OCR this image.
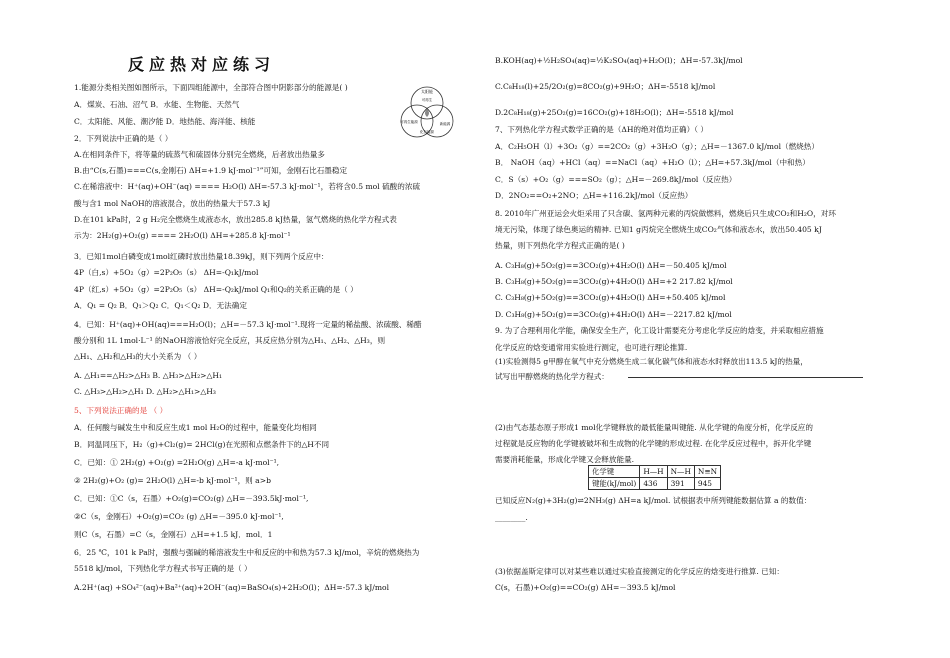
反应热对应练习
太阳能
可再生
可再生能源	新能源
化石能源
1.能源分类相关图如图所示，下面四组能源中，全部符合图中阴影部分的能源是( )
A．煤炭、石油、沼气 B．水能、生物能、天然气
C．太阳能、风能、潮汐能 D．地热能、海洋能、核能
2．下列说法中正确的是（ ）
A.在相同条件下，将等量的硫蒸气和硫固体分别完全燃烧，后者放出热量多
B.由“C(s,石墨)===C(s,金刚石) ΔH=+1.9 kJ·mol⁻¹”可知，金刚石比石墨稳定
C.在稀溶液中：H⁺(aq)+OH⁻(aq) ==== H₂O(l) ΔH=-57.3 kJ·mol⁻¹，若将含0.5 mol 硫酸的浓硫
酸与含1 mol NaOH的溶液混合，放出的热量大于57.3 kJ
D.在101 kPa时，2 g H₂完全燃烧生成液态水，放出285.8 kJ热量，氢气燃烧的热化学方程式表
示为：2H₂(g)+O₂(g) ==== 2H₂O(l) ΔH=+285.8 kJ·mol⁻¹
3．已知1mol白磷变成1mol红磷时放出热量18.39kJ，则下列两个反应中：
4P（白,s）+5O₂（g）=2P₂O₅（s） ΔH=-Q₁kJ/mol
4P（红,s）+5O₂（g）=2P₂O₅（s） ΔH=-Q₂kJ/mol Q₁和Q₂的关系正确的是（ ）
A．Q₁ = Q₂ B．Q₁＞Q₂ C．Q₁＜Q₂ D．无法确定
4．已知：H⁺(aq)+OH(aq)===H₂O(l)；△H=－57.3 kJ·mol⁻¹.现将一定量的稀盐酸、浓硫酸、稀醋
酸分别和 1L 1mol·L⁻¹ 的NaOH溶液恰好完全反应，其反应热分别为△H₁、△H₂、△H₃，则
△H₁、△H₂和△H₃的大小关系为 （ ）
A. △H₁==△H₂>△H₃ B. △H₃>△H₂>△H₁
C. △H₃>△H₂>△H₁ D. △H₂>△H₁>△H₃
5、下列说法正确的是 （ ）
A．任何酸与碱发生中和反应生成1 mol H₂O的过程中，能量变化均相同
B．同温同压下，H₂（g)+Cl₂(g)= 2HCl(g)在光照和点燃条件下的△H不同
C．已知：① 2H₂(g) +O₂(g) =2H₂O(g) △H=-a kJ·mol⁻¹,
② 2H₂(g)+O₂ (g)= 2H₂O(l) △H=-b kJ·mol⁻¹，则 a>b
C．已知：①C（s，石墨）+O₂(g)=CO₂(g) △H=－393.5kJ·mol⁻¹,
②C（s，金刚石）+O₂(g)=CO₂ (g) △H=－395.0 kJ·mol⁻¹,
则C（s，石墨）=C（s，金刚石）△H=+1.5 kJ．mol．1
6．25 ℃，101 k Pa时，强酸与强碱的稀溶液发生中和反应的中和热为57.3 kJ/mol，辛烷的燃烧热为
5518 kJ/mol，下列热化学方程式书写正确的是（ ）
A.2H⁺(aq) +SO₄²⁻(aq)+Ba²⁺(aq)+2OH⁻(aq)=BaSO₄(s)+2H₂O(l)；ΔH=-57.3 kJ/mol
B.KOH(aq)+½H₂SO₄(aq)=½K₂SO₄(aq)+H₂O(l)；ΔH=-57.3kJ/mol
C.C₈H₁₈(l)+25/2O₂(g)=8CO₂(g)+9H₂O；ΔH=-5518 kJ/mol
D.2C₈H₁₈(g)+25O₂(g)=16CO₂(g)+18H₂O(l)；ΔH=-5518 kJ/mol
7、下列热化学方程式数学正确的是（ΔH的绝对值均正确）（ ）
A．C₂H₅OH（l）+3O₂（g）==2CO₂（g）+3H₂O（g）；△H=－1367.0 kJ/mol（燃烧热）
B． NaOH（aq）+HCl（aq）==NaCl（aq）+H₂O（l）；△H=+57.3kJ/mol（中和热）
C．S（s）+O₂（g）===SO₂（g）；△H=－269.8kJ/mol（反应热）
D．2NO₂==O₂+2NO；△H=+116.2kJ/mol（反应热）
8. 2010年广州亚运会火炬采用了只含碳、氢两种元素的丙烷做燃料，燃烧后只生成CO₂和H₂O，对环
境无污染，体现了绿色奥运的精神. 已知1 g丙烷完全燃烧生成CO₂气体和液态水，放出50.405 kJ
热量，则下列热化学方程式正确的是( )
A. C₃H₈(g)+5O₂(g)==3CO₂(g)+4H₂O(l) ΔH=－50.405 kJ/mol
B. C₃H₈(g)+5O₂(g)==3CO₂(g)+4H₂O(l) ΔH=+2 217.82 kJ/mol
C. C₃H₈(g)+5O₂(g)==3CO₂(g)+4H₂O(l) ΔH=+50.405 kJ/mol
D. C₃H₈(g)+5O₂(g)==3CO₂(g)+4H₂O(l) ΔH=－2217.82 kJ/mol
9. 为了合理利用化学能，确保安全生产，化工设计需要充分考虑化学反应的焓变，并采取相应措施
化学反应的焓变通常用实验进行测定，也可进行理论推算.
(1)实验测得5 g甲醇在氧气中充分燃烧生成二氧化碳气体和液态水时释放出113.5 kJ的热量，
试写出甲醇燃烧的热化学方程式：
(2)由气态基态原子形成1 mol化学键释放的最低能量叫键能. 从化学键的角度分析，化学反应的
过程就是反应物的化学键被破坏和生成物的化学键的形成过程. 在化学反应过程中，拆开化学键
需要消耗能量，形成化学键又会释放能量.
已知反应N₂(g)+3H₂(g)⇌2NH₃(g) ΔH=a kJ/mol. 试根据表中所列键能数据估算 a 的数值：
________.
(3)依据盖斯定律可以对某些难以通过实验直接测定的化学反应的焓变进行推算. 已知：
C(s，石墨)+O₂(g)==CO₂(g) ΔH=－393.5 kJ/mol
化学键	H—H	N—H	N≡N
键能(kJ/mol)	436	391	945
